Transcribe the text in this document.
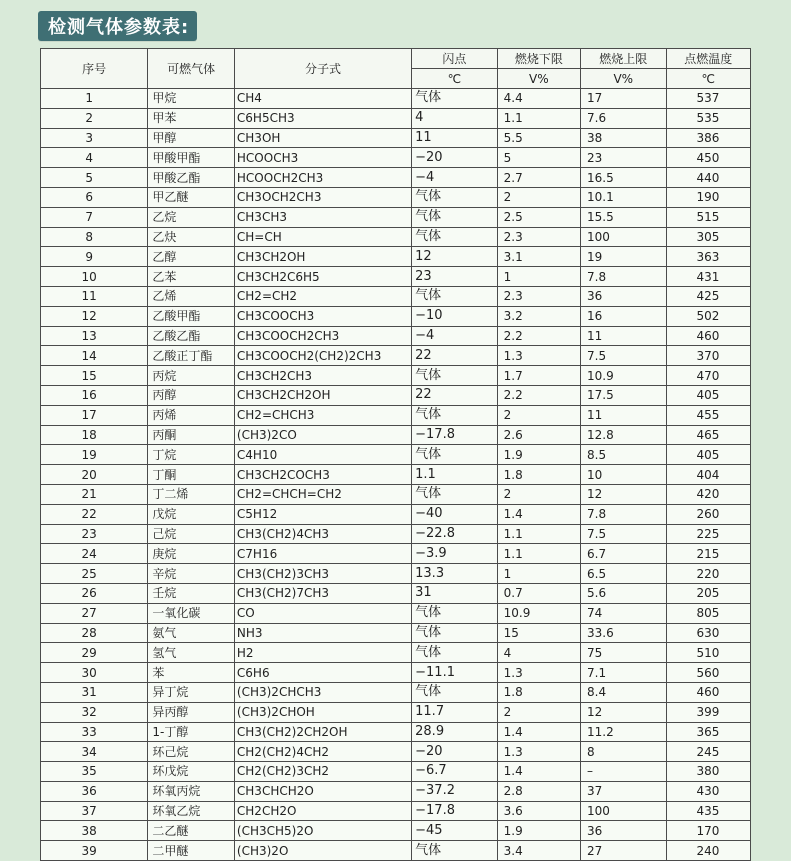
检测气体参数表:
序号	可燃气体	分子式	闪点	燃烧下限	燃烧上限	点燃温度
			℃	V%	V%	℃
1	甲烷	CH4	气体	4.4	17	537
2	甲苯	C6H5CH3	4	1.1	7.6	535
3	甲醇	CH3OH	11	5.5	38	386
4	甲酸甲酯	HCOOCH3	−20	5	23	450
5	甲酸乙酯	HCOOCH2CH3	−4	2.7	16.5	440
6	甲乙醚	CH3OCH2CH3	气体	2	10.1	190
7	乙烷	CH3CH3	气体	2.5	15.5	515
8	乙炔	CH=CH	气体	2.3	100	305
9	乙醇	CH3CH2OH	12	3.1	19	363
10	乙苯	CH3CH2C6H5	23	1	7.8	431
11	乙烯	CH2=CH2	气体	2.3	36	425
12	乙酸甲酯	CH3COOCH3	−10	3.2	16	502
13	乙酸乙酯	CH3COOCH2CH3	−4	2.2	11	460
14	乙酸正丁酯	CH3COOCH2(CH2)2CH3	22	1.3	7.5	370
15	丙烷	CH3CH2CH3	气体	1.7	10.9	470
16	丙醇	CH3CH2CH2OH	22	2.2	17.5	405
17	丙烯	CH2=CHCH3	气体	2	11	455
18	丙酮	(CH3)2CO	−17.8	2.6	12.8	465
19	丁烷	C4H10	气体	1.9	8.5	405
20	丁酮	CH3CH2COCH3	1.1	1.8	10	404
21	丁二烯	CH2=CHCH=CH2	气体	2	12	420
22	戊烷	C5H12	−40	1.4	7.8	260
23	己烷	CH3(CH2)4CH3	−22.8	1.1	7.5	225
24	庚烷	C7H16	−3.9	1.1	6.7	215
25	辛烷	CH3(CH2)3CH3	13.3	1	6.5	220
26	壬烷	CH3(CH2)7CH3	31	0.7	5.6	205
27	一氧化碳	CO	气体	10.9	74	805
28	氨气	NH3	气体	15	33.6	630
29	氢气	H2	气体	4	75	510
30	苯	C6H6	−11.1	1.3	7.1	560
31	异丁烷	(CH3)2CHCH3	气体	1.8	8.4	460
32	异丙醇	(CH3)2CHOH	11.7	2	12	399
33	1-丁醇	CH3(CH2)2CH2OH	28.9	1.4	11.2	365
34	环己烷	CH2(CH2)4CH2	−20	1.3	8	245
35	环戊烷	CH2(CH2)3CH2	−6.7	1.4	–	380
36	环氧丙烷	CH3CHCH2O	−37.2	2.8	37	430
37	环氧乙烷	CH2CH2O	−17.8	3.6	100	435
38	二乙醚	(CH3CH5)2O	−45	1.9	36	170
39	二甲醚	(CH3)2O	气体	3.4	27	240
